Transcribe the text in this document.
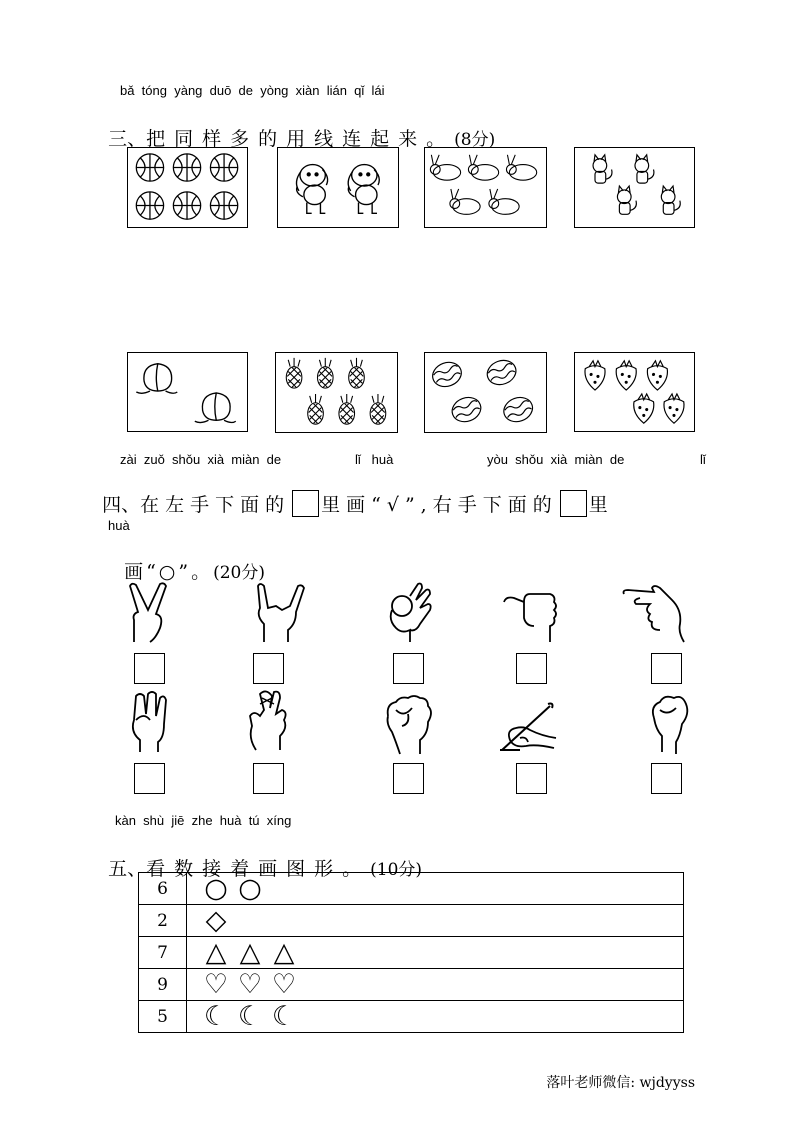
bǎ  tóng  yàng  duō  de  yòng  xiàn  lián  qǐ  lái

三、把同样多的用线连起来。(8分)

zài  zuǒ  shǒu  xià  miàn  de	lǐ   huà	yòu  shǒu  xià  miàn  de	lǐ

四、在左手下面的 里画“√”,右手下面的 里

huà

画“○”。(20分)

kàn  shù  jiē  zhe  huà  tú  xíng

五、看数接着画图形。(10分)

6	○ ○
2	◇
7	△ △ △
9	♡ ♡ ♡
5	☾ ☾ ☾
落叶老师微信: wjdyyss
